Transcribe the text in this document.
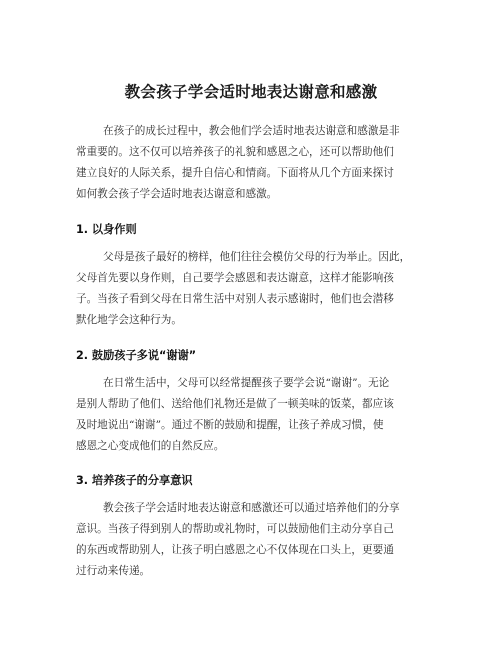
教会孩子学会适时地表达谢意和感激

在孩子的成长过程中，教会他们学会适时地表达谢意和感激是非

常重要的。这不仅可以培养孩子的礼貌和感恩之心，还可以帮助他们

建立良好的人际关系，提升自信心和情商。下面将从几个方面来探讨

如何教会孩子学会适时地表达谢意和感激。

1. 以身作则

父母是孩子最好的榜样，他们往往会模仿父母的行为举止。因此，

父母首先要以身作则，自己要学会感恩和表达谢意，这样才能影响孩

子。当孩子看到父母在日常生活中对别人表示感谢时，他们也会潜移

默化地学会这种行为。

2. 鼓励孩子多说“谢谢”

在日常生活中，父母可以经常提醒孩子要学会说“谢谢”。无论

是别人帮助了他们、送给他们礼物还是做了一顿美味的饭菜，都应该

及时地说出“谢谢”。通过不断的鼓励和提醒，让孩子养成习惯，使

感恩之心变成他们的自然反应。

3. 培养孩子的分享意识

教会孩子学会适时地表达谢意和感激还可以通过培养他们的分享

意识。当孩子得到别人的帮助或礼物时，可以鼓励他们主动分享自己

的东西或帮助别人，让孩子明白感恩之心不仅体现在口头上，更要通

过行动来传递。
